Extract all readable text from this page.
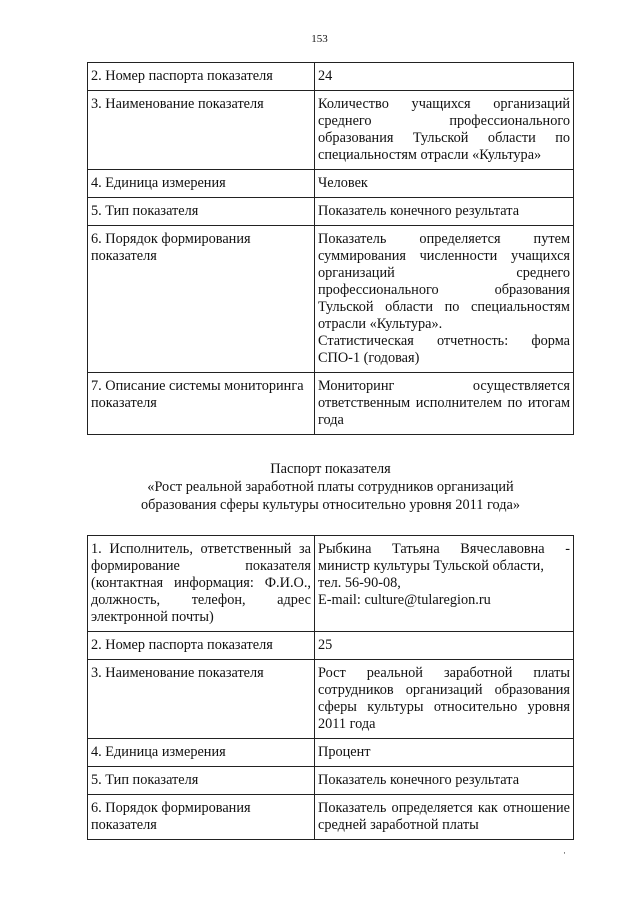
153
2. Номер паспорта показателя	24
3. Наименование показателя	Количество учащихся организаций среднего профессионального образования Тульской области по специальностям отрасли «Культура»
4. Единица измерения	Человек
5. Тип показателя	Показатель конечного результата
6. Порядок формирования показателя	Показатель определяется путем суммирования численности учащихся организаций среднего профессионального образования Тульской области по специальностям отрасли «Культура».
Статистическая отчетность: форма СПО-1 (годовая)

7. Описание системы мониторинга показателя	Мониторинг осуществляется ответственным исполнителем по итогам года
Паспорт показателя
«Рост реальной заработной платы сотрудников организаций
образования сферы культуры относительно уровня 2011 года»
1. Исполнитель, ответственный за формирование показателя (контактная информация: Ф.И.О., должность, телефон, адрес электронной почты)	Рыбкина Татьяна Вячеславовна - министр культуры Тульской области,
тел. 56-90-08,
E-mail: culture@tularegion.ru

2. Номер паспорта показателя	25
3. Наименование показателя	Рост реальной заработной платы сотрудников организаций образования сферы культуры относительно уровня 2011 года
4. Единица измерения	Процент
5. Тип показателя	Показатель конечного результата
6. Порядок формирования показателя	Показатель определяется как отношение средней заработной платы
·
